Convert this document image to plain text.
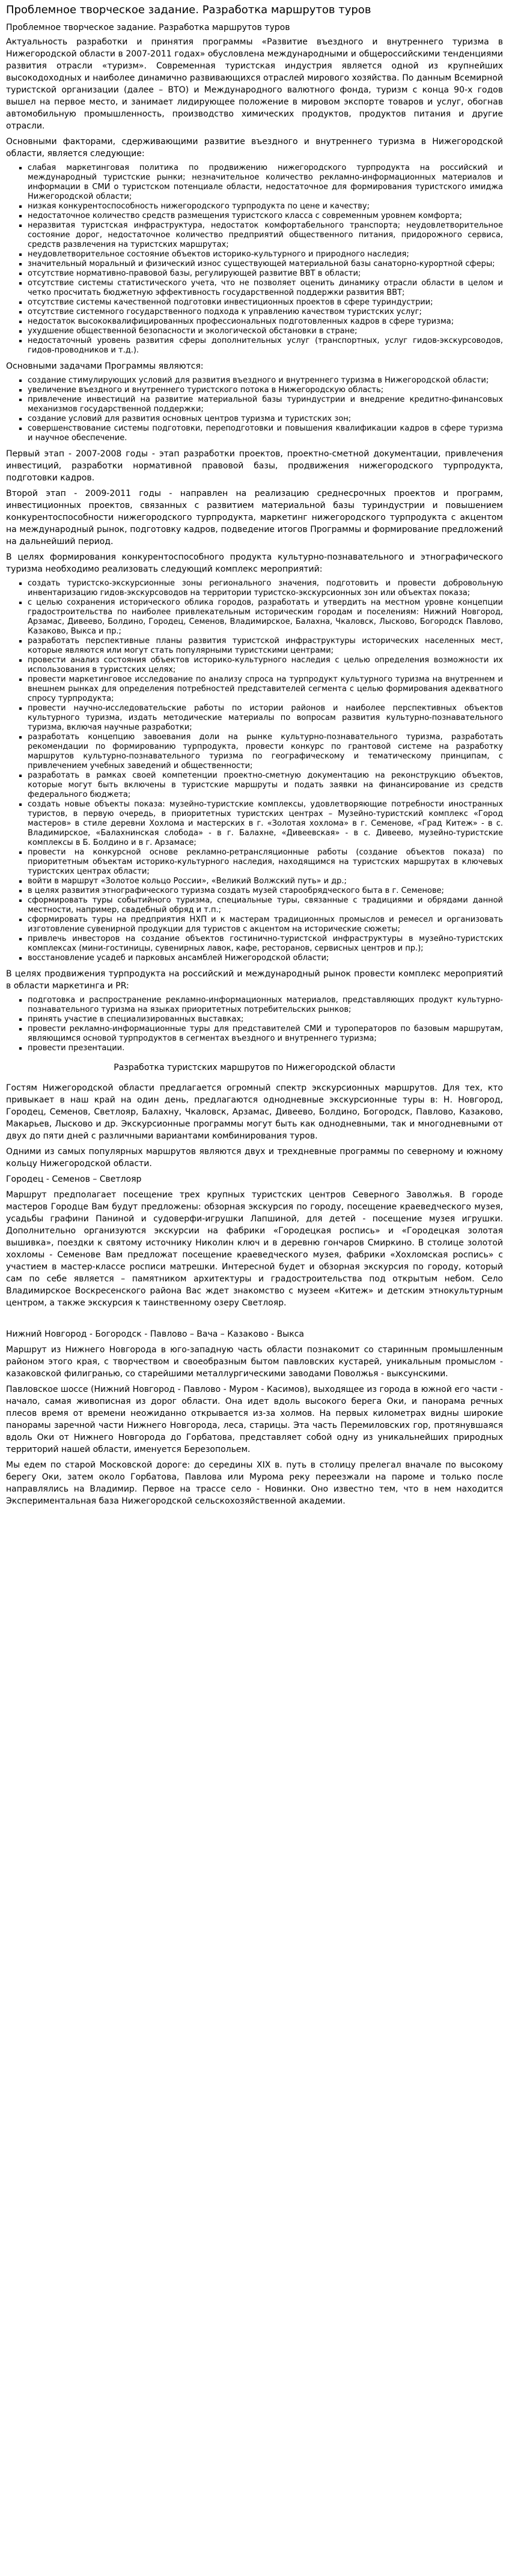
Проблемное творческое задание. Разработка маршрутов туров
Проблемное творческое задание. Разработка маршрутов туров

Актуальность разработки и принятия программы «Развитие въездного и внутреннего туризма в Нижегородской области в 2007-2011 годах» обусловлена международными и общероссийскими тенденциями развития отрасли «туризм». Современная туристская индустрия является одной из крупнейших высокодоходных и наиболее динамично развивающихся отраслей мирового хозяйства. По данным Всемирной туристской организации (далее – ВТО) и Международного валютного фонда, туризм с конца 90-х годов вышел на первое место, и занимает лидирующее положение в мировом экспорте товаров и услуг, обогнав автомобильную промышленность, производство химических продуктов, продуктов питания и другие отрасли.

Основными факторами, сдерживающими развитие въездного и внутреннего туризма в Нижегородской области, является следующие:

▪ слабая маркетинговая политика по продвижению нижегородского турпродукта на российский и международный туристские рынки; незначительное количество рекламно-информационных материалов и информации в СМИ о туристском потенциале области, недостаточное для формирования туристского имиджа Нижегородской области;
▪ низкая конкурентоспособность нижегородского турпродукта по цене и качеству;
▪ недостаточное количество средств размещения туристского класса с современным уровнем комфорта;
▪ неразвитая туристская инфраструктура, недостаток комфортабельного транспорта; неудовлетворительное состояние дорог, недостаточное количество предприятий общественного питания, придорожного сервиса, средств развлечения на туристских маршрутах;
▪ неудовлетворительное состояние объектов историко-культурного и природного наследия;
▪ значительный моральный и физический износ существующей материальной базы санаторно-курортной сферы;
▪ отсутствие нормативно-правовой базы, регулирующей развитие ВВТ в области;
▪ отсутствие системы статистического учета, что не позволяет оценить динамику отрасли области в целом и четко просчитать бюджетную эффективность государственной поддержки развития ВВТ;
▪ отсутствие системы качественной подготовки инвестиционных проектов в сфере туриндустрии;
▪ отсутствие системного государственного подхода к управлению качеством туристских услуг;
▪ недостаток высококвалифицированных профессиональных подготовленных кадров в сфере туризма;
▪ ухудшение общественной безопасности и экологической обстановки в стране;
▪ недостаточный уровень развития сферы дополнительных услуг (транспортных, услуг гидов-экскурсоводов, гидов-проводников и т.д.).

Основными задачами Программы являются:

▪ создание стимулирующих условий для развития въездного и внутреннего туризма в Нижегородской области;
▪ увеличение въездного и внутреннего туристского потока в Нижегородскую область;
▪ привлечение инвестиций на развитие материальной базы туриндустрии и внедрение кредитно-финансовых механизмов государственной поддержки;
▪ создание условий для развития основных центров туризма и туристских зон;
▪ совершенствование системы подготовки, переподготовки и повышения квалификации кадров в сфере туризма и научное обеспечение.

Первый этап - 2007-2008 годы - этап разработки проектов, проектно-сметной документации, привлечения инвестиций, разработки нормативной правовой базы, продвижения нижегородского турпродукта, подготовки кадров.

Второй этап - 2009-2011 годы - направлен на реализацию среднесрочных проектов и программ, инвестиционных проектов, связанных с развитием материальной базы туриндустрии и повышением конкурентоспособности нижегородского турпродукта, маркетинг нижегородского турпродукта с акцентом на международный рынок, подготовку кадров, подведение итогов Программы и формирование предложений на дальнейший период.

В целях формирования конкурентоспособного продукта культурно-познавательного и этнографического туризма необходимо реализовать следующий комплекс мероприятий:

▪ создать туристско-экскурсионные зоны регионального значения, подготовить и провести добровольную инвентаризацию гидов-экскурсоводов на территории туристско-экскурсионных зон или объектах показа;
▪ с целью сохранения исторического облика городов, разработать и утвердить на местном уровне концепции градостроительства по наиболее привлекательным историческим городам и поселениям: Нижний Новгород, Арзамас, Дивеево, Болдино, Городец, Семенов, Владимирское, Балахна, Чкаловск, Лысково, Богородск Павлово, Казаково, Выкса и пр.;
▪ разработать перспективные планы развития туристской инфраструктуры исторических населенных мест, которые являются или могут стать популярными туристскими центрами;
▪ провести анализ состояния объектов историко-культурного наследия с целью определения возможности их использования в туристских целях;
▪ провести маркетинговое исследование по анализу спроса на турпродукт культурного туризма на внутреннем и внешнем рынках для определения потребностей представителей сегмента с целью формирования адекватного спросу турпродукта;
▪ провести научно-исследовательские работы по истории районов и наиболее перспективных объектов культурного туризма, издать методические материалы по вопросам развития культурно-познавательного туризма, включая научные разработки;
▪ разработать концепцию завоевания доли на рынке культурно-познавательного туризма, разработать рекомендации по формированию турпродукта, провести конкурс по грантовой системе на разработку маршрутов культурно-познавательного туризма по географическому и тематическому принципам, с привлечением учебных заведений и общественности;
▪ разработать в рамках своей компетенции проектно-сметную документацию на реконструкцию объектов, которые могут быть включены в туристские маршруты и подать заявки на финансирование из средств федерального бюджета;
▪ создать новые объекты показа: музейно-туристские комплексы, удовлетворяющие потребности иностранных туристов, в первую очередь, в приоритетных туристских центрах – Музейно-туристский комплекс «Город мастеров» в стиле деревни Хохлома и мастерских в г. «Золотая хохлома» в г. Семенове, «Град Китеж» - в с. Владимирское, «Балахнинская слобода» - в г. Балахне, «Дивеевская» - в с. Дивеево, музейно-туристские комплексы в Б. Болдино и в г. Арзамасе;
▪ провести на конкурсной основе рекламно-ретрансляционные работы (создание объектов показа) по приоритетным объектам историко-культурного наследия, находящимся на туристских маршрутах в ключевых туристских центрах области;
▪ войти в маршрут «Золотое кольцо России», «Великий Волжский путь» и др.;
▪ в целях развития этнографического туризма создать музей старообрядческого быта в г. Семенове;
▪ сформировать туры событийного туризма, специальные туры, связанные с традициями и обрядами данной местности, например, свадебный обряд и т.п.;
▪ сформировать туры на предприятия НХП и к мастерам традиционных промыслов и ремесел и организовать изготовление сувенирной продукции для туристов с акцентом на исторические сюжеты;
▪ привлечь инвесторов на создание объектов гостинично-туристской инфраструктуры в музейно-туристских комплексах (мини-гостиницы, сувенирных лавок, кафе, ресторанов, сервисных центров и пр.);
▪ восстановление усадеб и парковых ансамблей Нижегородской области;

В целях продвижения турпродукта на российский и международный рынок провести комплекс мероприятий в области маркетинга и PR:

▪ подготовка и распространение рекламно-информационных материалов, представляющих продукт культурно-познавательного туризма на языках приоритетных потребительских рынков;
▪ принять участие в специализированных выставках;
▪ провести рекламно-информационные туры для представителей СМИ и туроператоров по базовым маршрутам, являющимся основой турпродуктов в сегментах въездного и внутреннего туризма;
▪ провести презентации.

Разработка туристских маршрутов по Нижегородской области

Гостям Нижегородской области предлагается огромный спектр экскурсионных маршрутов. Для тех, кто привыкает в наш край на один день, предлагаются однодневные экскурсионные туры в: Н. Новгород, Городец, Семенов, Светлояр, Балахну, Чкаловск, Арзамас, Дивеево, Болдино, Богородск, Павлово, Казаково, Макарьев, Лысково и др. Экскурсионные программы могут быть как однодневными, так и многодневными от двух до пяти дней с различными вариантами комбинирования туров.

Одними из самых популярных маршрутов являются двух и трехдневные программы по северному и южному кольцу Нижегородской области.

Городец - Семенов – Светлояр

Маршрут предполагает посещение трех крупных туристских центров Северного Заволжья. В городе мастеров Городце Вам будут предложены: обзорная экскурсия по городу, посещение краеведческого музея, усадьбы графини Паниной и судоверфи-игрушки Лапшиной, для детей - посещение музея игрушки. Дополнительно организуются экскурсии на фабрики «Городецкая роспись» и «Городецкая золотая вышивка», поездки к святому источнику Николин ключ и в деревню гончаров Смиркино. В столице золотой хохломы - Семенове Вам предложат посещение краеведческого музея, фабрики «Хохломская роспись» с участием в мастер-классе росписи матрешки. Интересной будет и обзорная экскурсия по городу, который сам по себе является – памятником архитектуры и градостроительства под открытым небом. Село Владимирское Воскресенского района Вас ждет знакомство с музеем «Китеж» и детским этнокультурным центром, а также экскурсия к таинственному озеру Светлояр.

Нижний Новгород - Богородск - Павлово – Вача – Казаково - Выкса

Маршрут из Нижнего Новгорода в юго-западную часть области познакомит со старинным промышленным районом этого края, с творчеством и своеобразным бытом павловских кустарей, уникальным промыслом - казаковской филигранью, со старейшими металлургическими заводами Поволжья - выксунскими.

Павловское шоссе (Нижний Новгород - Павлово - Муром - Касимов), выходящее из города в южной его части - начало, самая живописная из дорог области. Она идет вдоль высокого берега Оки, и панорама речных плесов время от времени неожиданно открывается из-за холмов. На первых километрах видны широкие панорамы заречной части Нижнего Новгорода, леса, старицы. Эта часть Перемиловских гор, протянувшаяся вдоль Оки от Нижнего Новгорода до Горбатова, представляет собой одну из уникальнейших природных территорий нашей области, именуется Березопольем.

Мы едем по старой Московской дороге: до середины XIX в. путь в столицу прелегал вначале по высокому берегу Оки, затем около Горбатова, Павлова или Мурома реку переезжали на пароме и только после направлялись на Владимир. Первое на трассе село - Новинки. Оно известно тем, что в нем находится Экспериментальная база Нижегородской сельскохозяйственной академии.
